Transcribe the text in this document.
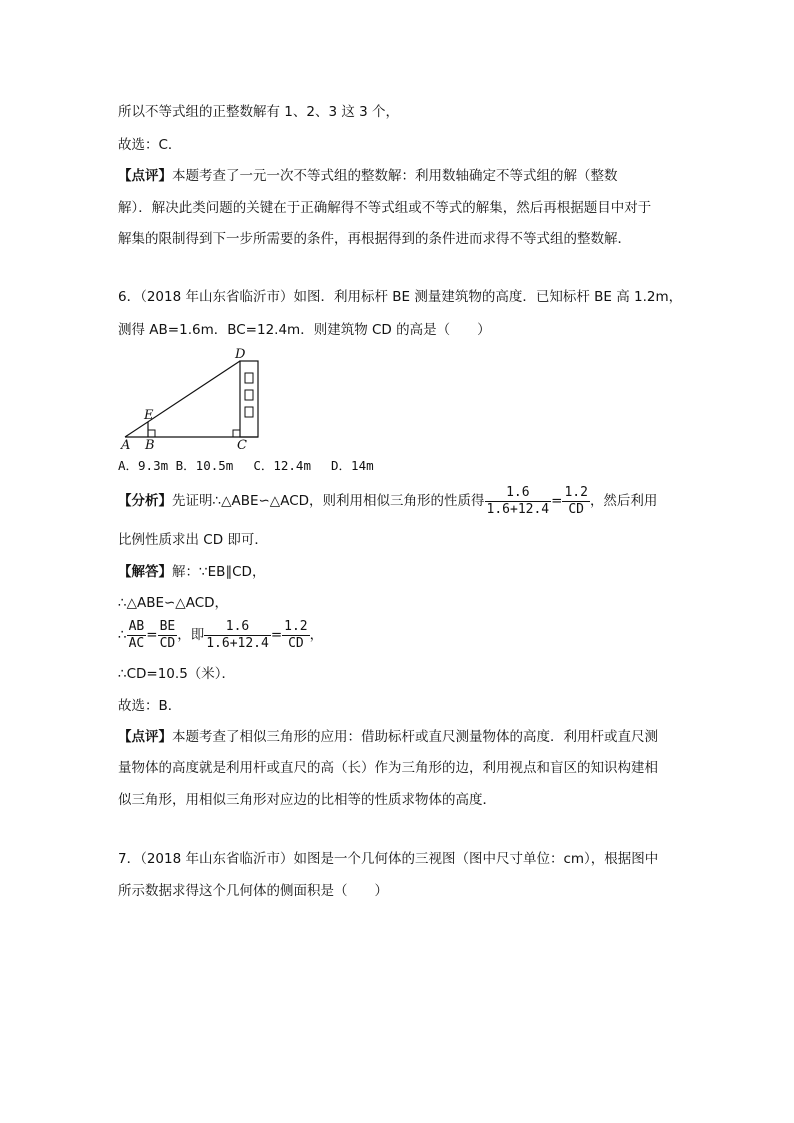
所以不等式组的正整数解有 1、2、3 这 3 个，
故选：C．
【点评】本题考查了一元一次不等式组的整数解：利用数轴确定不等式组的解（整数
解）．解决此类问题的关键在于正确解得不等式组或不等式的解集，然后再根据题目中对于
解集的限制得到下一步所需要的条件，再根据得到的条件进而求得不等式组的整数解．
6．（2018 年山东省临沂市）如图．利用标杆 BE 测量建筑物的高度．已知标杆 BE 高 1.2m，
测得 AB=1.6m．BC=12.4m．则建筑物 CD 的高是（　　）
A B	C
D
E
A．9.3m B．10.5m　 C．12.4m　 D．14m
【分析】先证明∴△ABE∽△ACD，则利用相似三角形的性质得 $\frac{1.6}{1.6+12.4} = \frac{1.2}{CD}$ ，然后利用
比例性质求出 CD 即可．
【解答】解：∵EB∥CD，
∴△ABE∽△ACD，
∴ $\frac{AB}{AC} = \frac{BE}{CD}$ ，即 $\frac{1.6}{1.6+12.4} = \frac{1.2}{CD}$ ，
∴CD=10.5（米）．
故选：B．
【点评】本题考查了相似三角形的应用：借助标杆或直尺测量物体的高度．利用杆或直尺测
量物体的高度就是利用杆或直尺的高（长）作为三角形的边，利用视点和盲区的知识构建相
似三角形，用相似三角形对应边的比相等的性质求物体的高度．
7．（2018 年山东省临沂市）如图是一个几何体的三视图（图中尺寸单位：cm），根据图中
所示数据求得这个几何体的侧面积是（　　）
